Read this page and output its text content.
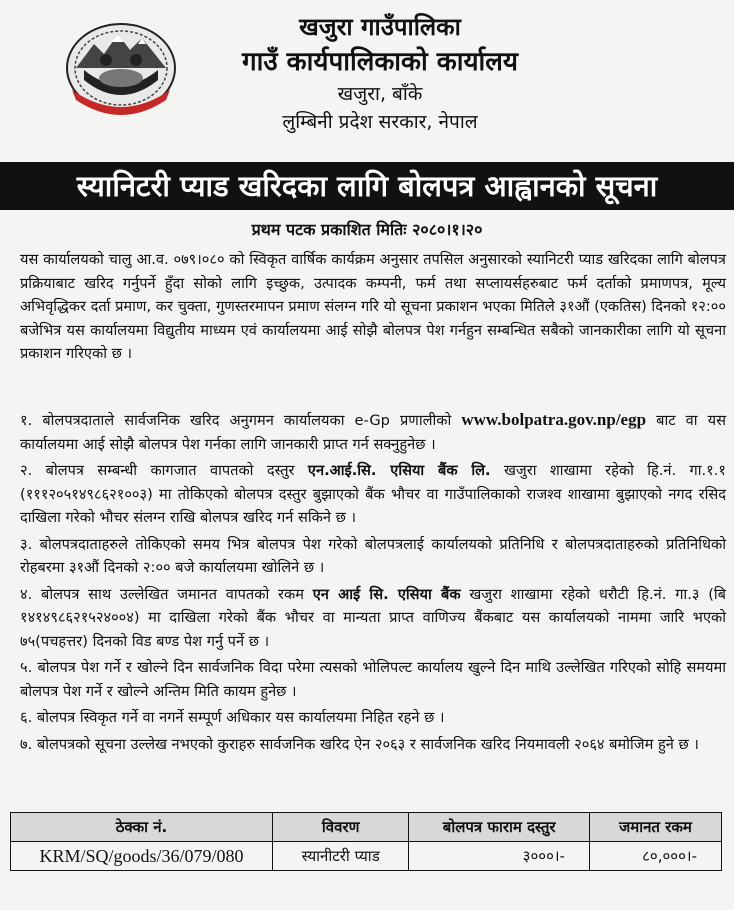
खजुरा गाउँपालिका
गाउँ कार्यपालिकाको कार्यालय
खजुरा, बाँके
लुम्बिनी प्रदेश सरकार, नेपाल
स्यानिटरी प्याड खरिदका लागि बोलपत्र आह्वानको सूचना
प्रथम पटक प्रकाशित मितिः २०८०।१।२०
यस कार्यालयको चालु आ.व. ०७९।०८० को स्विकृत वार्षिक कार्यक्रम अनुसार तपसिल अनुसारको स्यानिटरी प्याड खरिदका लागि बोलपत्र प्रक्रियाबाट खरिद गर्नुपर्ने हुँदा सोको लागि इच्छुक, उत्पादक कम्पनी, फर्म तथा सप्लायर्सहरुबाट फर्म दर्ताको प्रमाणपत्र, मूल्य अभिवृद्धिकर दर्ता प्रमाण, कर चुक्ता, गुणस्तरमापन प्रमाण संलग्न गरि यो सूचना प्रकाशन भएका मितिले ३१औं (एकतिस) दिनको १२:०० बजेभित्र यस कार्यालयमा विद्युतीय माध्यम एवं कार्यालयमा आई सोझै बोलपत्र पेश गर्नहुन सम्बन्धित सबैको जानकारीका लागि यो सूचना प्रकाशन गरिएको छ ।
१. बोलपत्रदाताले सार्वजनिक खरिद अनुगमन कार्यालयका e-Gp प्रणालीको www.bolpatra.gov.np/egp बाट वा यस कार्यालयमा आई सोझै बोलपत्र पेश गर्नका लागि जानकारी प्राप्त गर्न सक्नुहुनेछ ।
२. बोलपत्र सम्बन्धी कागजात वापतको दस्तुर एन.आई.सि. एसिया बैंक लि. खजुरा शाखामा रहेको हि.नं. गा.१.१ (१११२०५१४९८६२१००३) मा तोकिएको बोलपत्र दस्तुर बुझाएको बैंक भौचर वा गाउँपालिकाको राजश्व शाखामा बुझाएको नगद रसिद दाखिला गरेको भौचर संलग्न राखि बोलपत्र खरिद गर्न सकिने छ ।
३. बोलपत्रदाताहरुले तोकिएको समय भित्र बोलपत्र पेश गरेको बोलपत्रलाई कार्यालयको प्रतिनिधि र बोलपत्रदाताहरुको प्रतिनिधिको रोहबरमा ३१औं दिनको २:०० बजे कार्यालयमा खोलिने छ ।
४. बोलपत्र साथ उल्लेखित जमानत वापतको रकम एन आई सि. एसिया बैंक खजुरा शाखामा रहेको धरौटी हि.नं. गा.३ (बि १४१४९८६२१५२४००४) मा दाखिला गरेको बैंक भौचर वा मान्यता प्राप्त वाणिज्य बैंकबाट यस कार्यालयको नाममा जारि भएको ७५(पचहत्तर) दिनको विड बण्ड पेश गर्नु पर्ने छ ।
५. बोलपत्र पेश गर्ने र खोल्ने दिन सार्वजनिक विदा परेमा त्यसको भोलिपल्ट कार्यालय खुल्ने दिन माथि उल्लेखित गरिएको सोहि समयमा बोलपत्र पेश गर्ने र खोल्ने अन्तिम मिति कायम हुनेछ ।
६. बोलपत्र स्विकृत गर्ने वा नगर्ने सम्पूर्ण अधिकार यस कार्यालयमा निहित रहने छ ।
७. बोलपत्रको सूचना उल्लेख नभएको कुराहरु सार्वजनिक खरिद ऐन २०६३ र सार्वजनिक खरिद नियमावली २०६४ बमोजिम हुने छ ।
ठेक्का नं.	विवरण	बोलपत्र फाराम दस्तुर	जमानत रकम
KRM/SQ/goods/36/079/080	स्यानीटरी प्याड	३०००।-	८०,०००।-
